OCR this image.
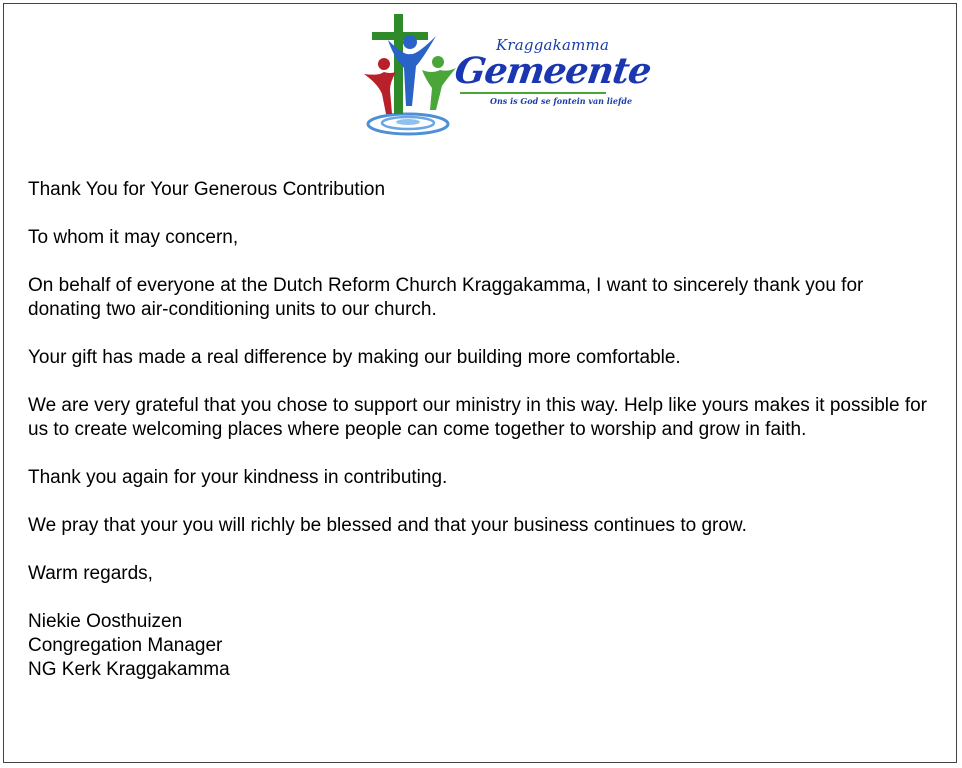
Kraggakamma
Gemeente
Ons is God se fontein van liefde

Thank You for Your Generous Contribution

To whom it may concern,

On behalf of everyone at the Dutch Reform Church Kraggakamma, I want to sincerely thank you for donating two air-conditioning units to our church.

Your gift has made a real difference by making our building more comfortable.

We are very grateful that you chose to support our ministry in this way. Help like yours makes it possible for us to create welcoming places where people can come together to worship and grow in faith.

Thank you again for your kindness in contributing.

We pray that your you will richly be blessed and that your business continues to grow.

Warm regards,

Niekie Oosthuizen
Congregation Manager
NG Kerk Kraggakamma
